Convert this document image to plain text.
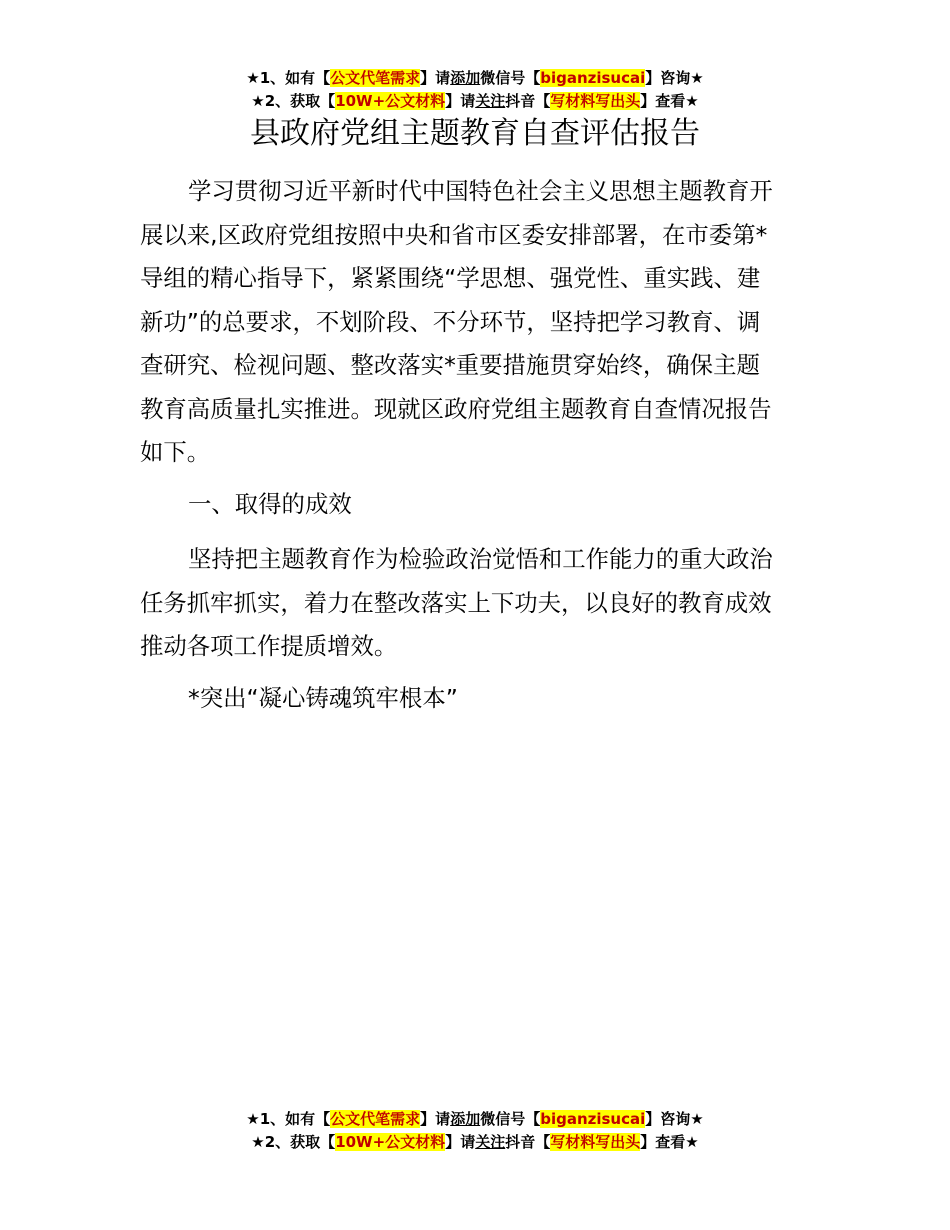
★1、如有【公文代笔需求】请添加微信号【biganzisucai】咨询★
★2、获取【10W+公文材料】请关注抖音【写材料写出头】查看★
县政府党组主题教育自查评估报告
学习贯彻习近平新时代中国特色社会主义思想主题教育开
展以来,区政府党组按照中央和省市区委安排部署，在市委第*
导组的精心指导下，紧紧围绕“学思想、强党性、重实践、建
新功”的总要求，不划阶段、不分环节，坚持把学习教育、调
查研究、检视问题、整改落实*重要措施贯穿始终，确保主题
教育高质量扎实推进。现就区政府党组主题教育自查情况报告
如下。
一、取得的成效
坚持把主题教育作为检验政治觉悟和工作能力的重大政治
任务抓牢抓实，着力在整改落实上下功夫，以良好的教育成效
推动各项工作提质增效。
*突出“凝心铸魂筑牢根本”
★1、如有【公文代笔需求】请添加微信号【biganzisucai】咨询★
★2、获取【10W+公文材料】请关注抖音【写材料写出头】查看★
